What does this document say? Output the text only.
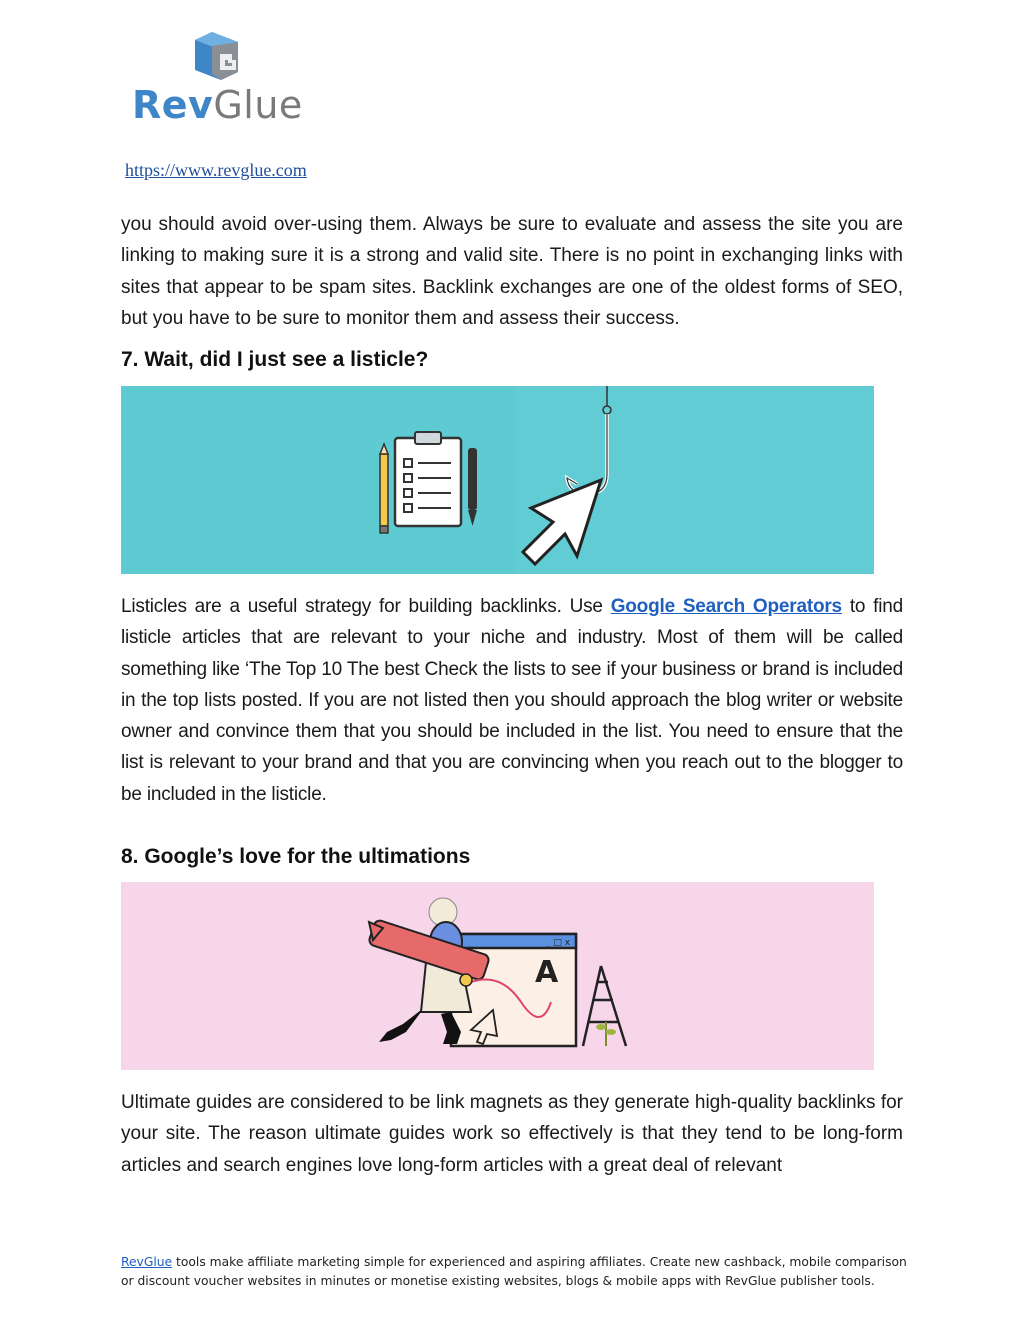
RevGlue
https://www.revglue.com

you should avoid over-using them. Always be sure to evaluate and assess the site you are linking to making sure it is a strong and valid site. There is no point in exchanging links with sites that appear to be spam sites. Backlink exchanges are one of the oldest forms of SEO, but you have to be sure to monitor them and assess their success.

7. Wait, did I just see a listicle?

Listicles are a useful strategy for building backlinks. Use Google Search Operators to find listicle articles that are relevant to your niche and industry. Most of them will be called something like ‘The Top 10 The best Check the lists to see if your business or brand is included in the top lists posted. If you are not listed then you should approach the blog writer or website owner and convince them that you should be included in the list. You need to ensure that the list is relevant to your brand and that you are convincing when you reach out to the blogger to be included in the listicle.

8. Google’s love for the ultimations
_ □ x
A

Ultimate guides are considered to be link magnets as they generate high-quality backlinks for your site. The reason ultimate guides work so effectively is that they tend to be long-form articles and search engines love long-form articles with a great deal of relevant

RevGlue tools make affiliate marketing simple for experienced and aspiring affiliates. Create new cashback, mobile comparison or discount voucher websites in minutes or monetise existing websites, blogs & mobile apps with RevGlue publisher tools.
